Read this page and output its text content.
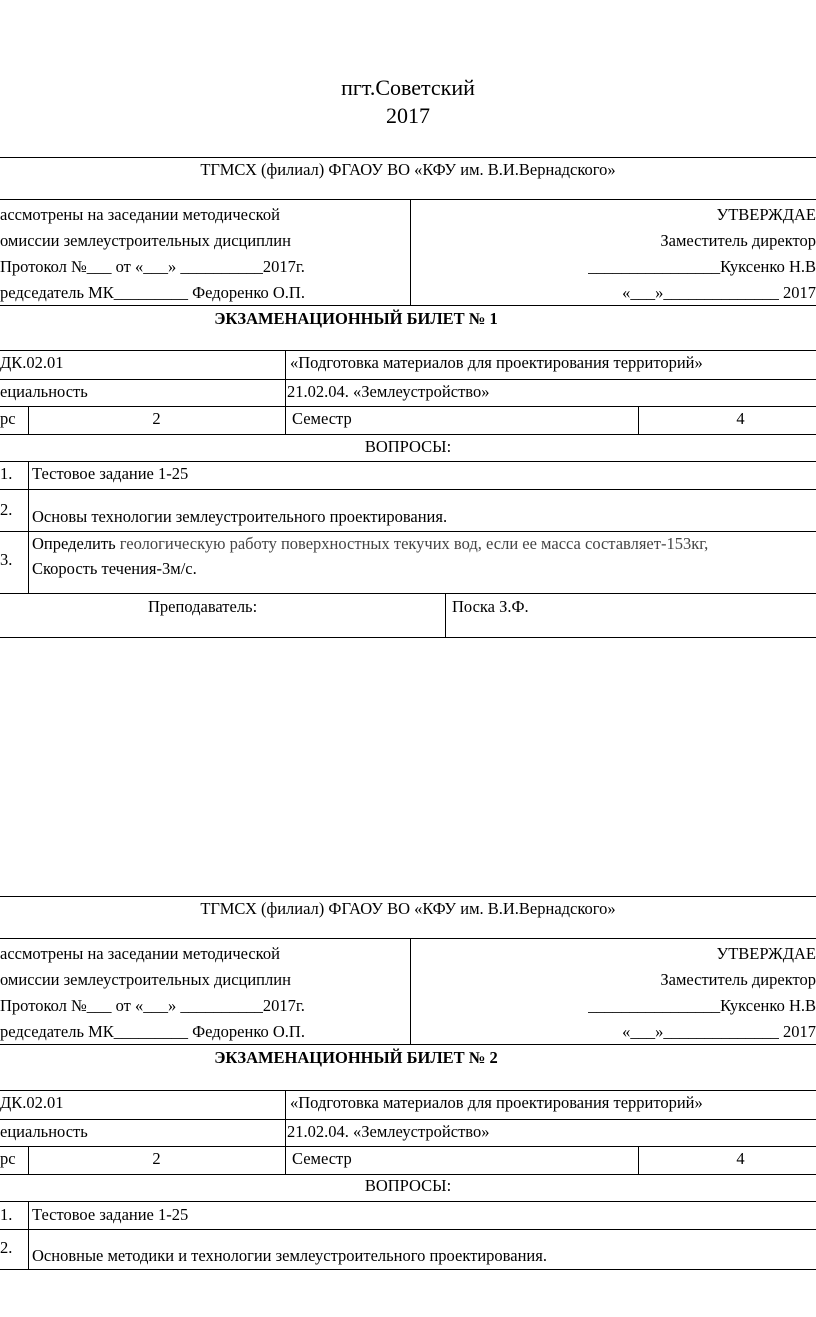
пгт.Советский
2017
ТГМСХ (филиал) ФГАОУ ВО «КФУ им. В.И.Вернадского»
ассмотрены на заседании методической
омиссии землеустроительных дисциплин
Протокол №___ от «___» __________2017г.
редседатель МК_________ Федоренко О.П.
УТВЕРЖДАЕ
Заместитель директор
________________Куксенко Н.В
«___»______________ 2017
ЭКЗАМЕНАЦИОННЫЙ БИЛЕТ № 1
ДК.02.01	«Подготовка материалов для проектирования территорий»
ециальность	21.02.04. «Землеустройство»
рс	2	Семестр	4
ВОПРОСЫ:
1. Тестовое задание 1-25
2. Основы технологии землеустроительного проектирования.
3.
Определить геологическую работу поверхностных текучих вод, если ее масса составляет-153кг,
Скорость течения-3м/с.
Преподаватель:	Поска З.Ф.
ТГМСХ (филиал) ФГАОУ ВО «КФУ им. В.И.Вернадского»
ассмотрены на заседании методической
омиссии землеустроительных дисциплин
Протокол №___ от «___» __________2017г.
редседатель МК_________ Федоренко О.П.
УТВЕРЖДАЕ
Заместитель директор
________________Куксенко Н.В
«___»______________ 2017
ЭКЗАМЕНАЦИОННЫЙ БИЛЕТ № 2
ДК.02.01	«Подготовка материалов для проектирования территорий»
ециальность	21.02.04. «Землеустройство»
рс	2	Семестр	4
ВОПРОСЫ:
1. Тестовое задание 1-25
2. Основные методики и технологии землеустроительного проектирования.
